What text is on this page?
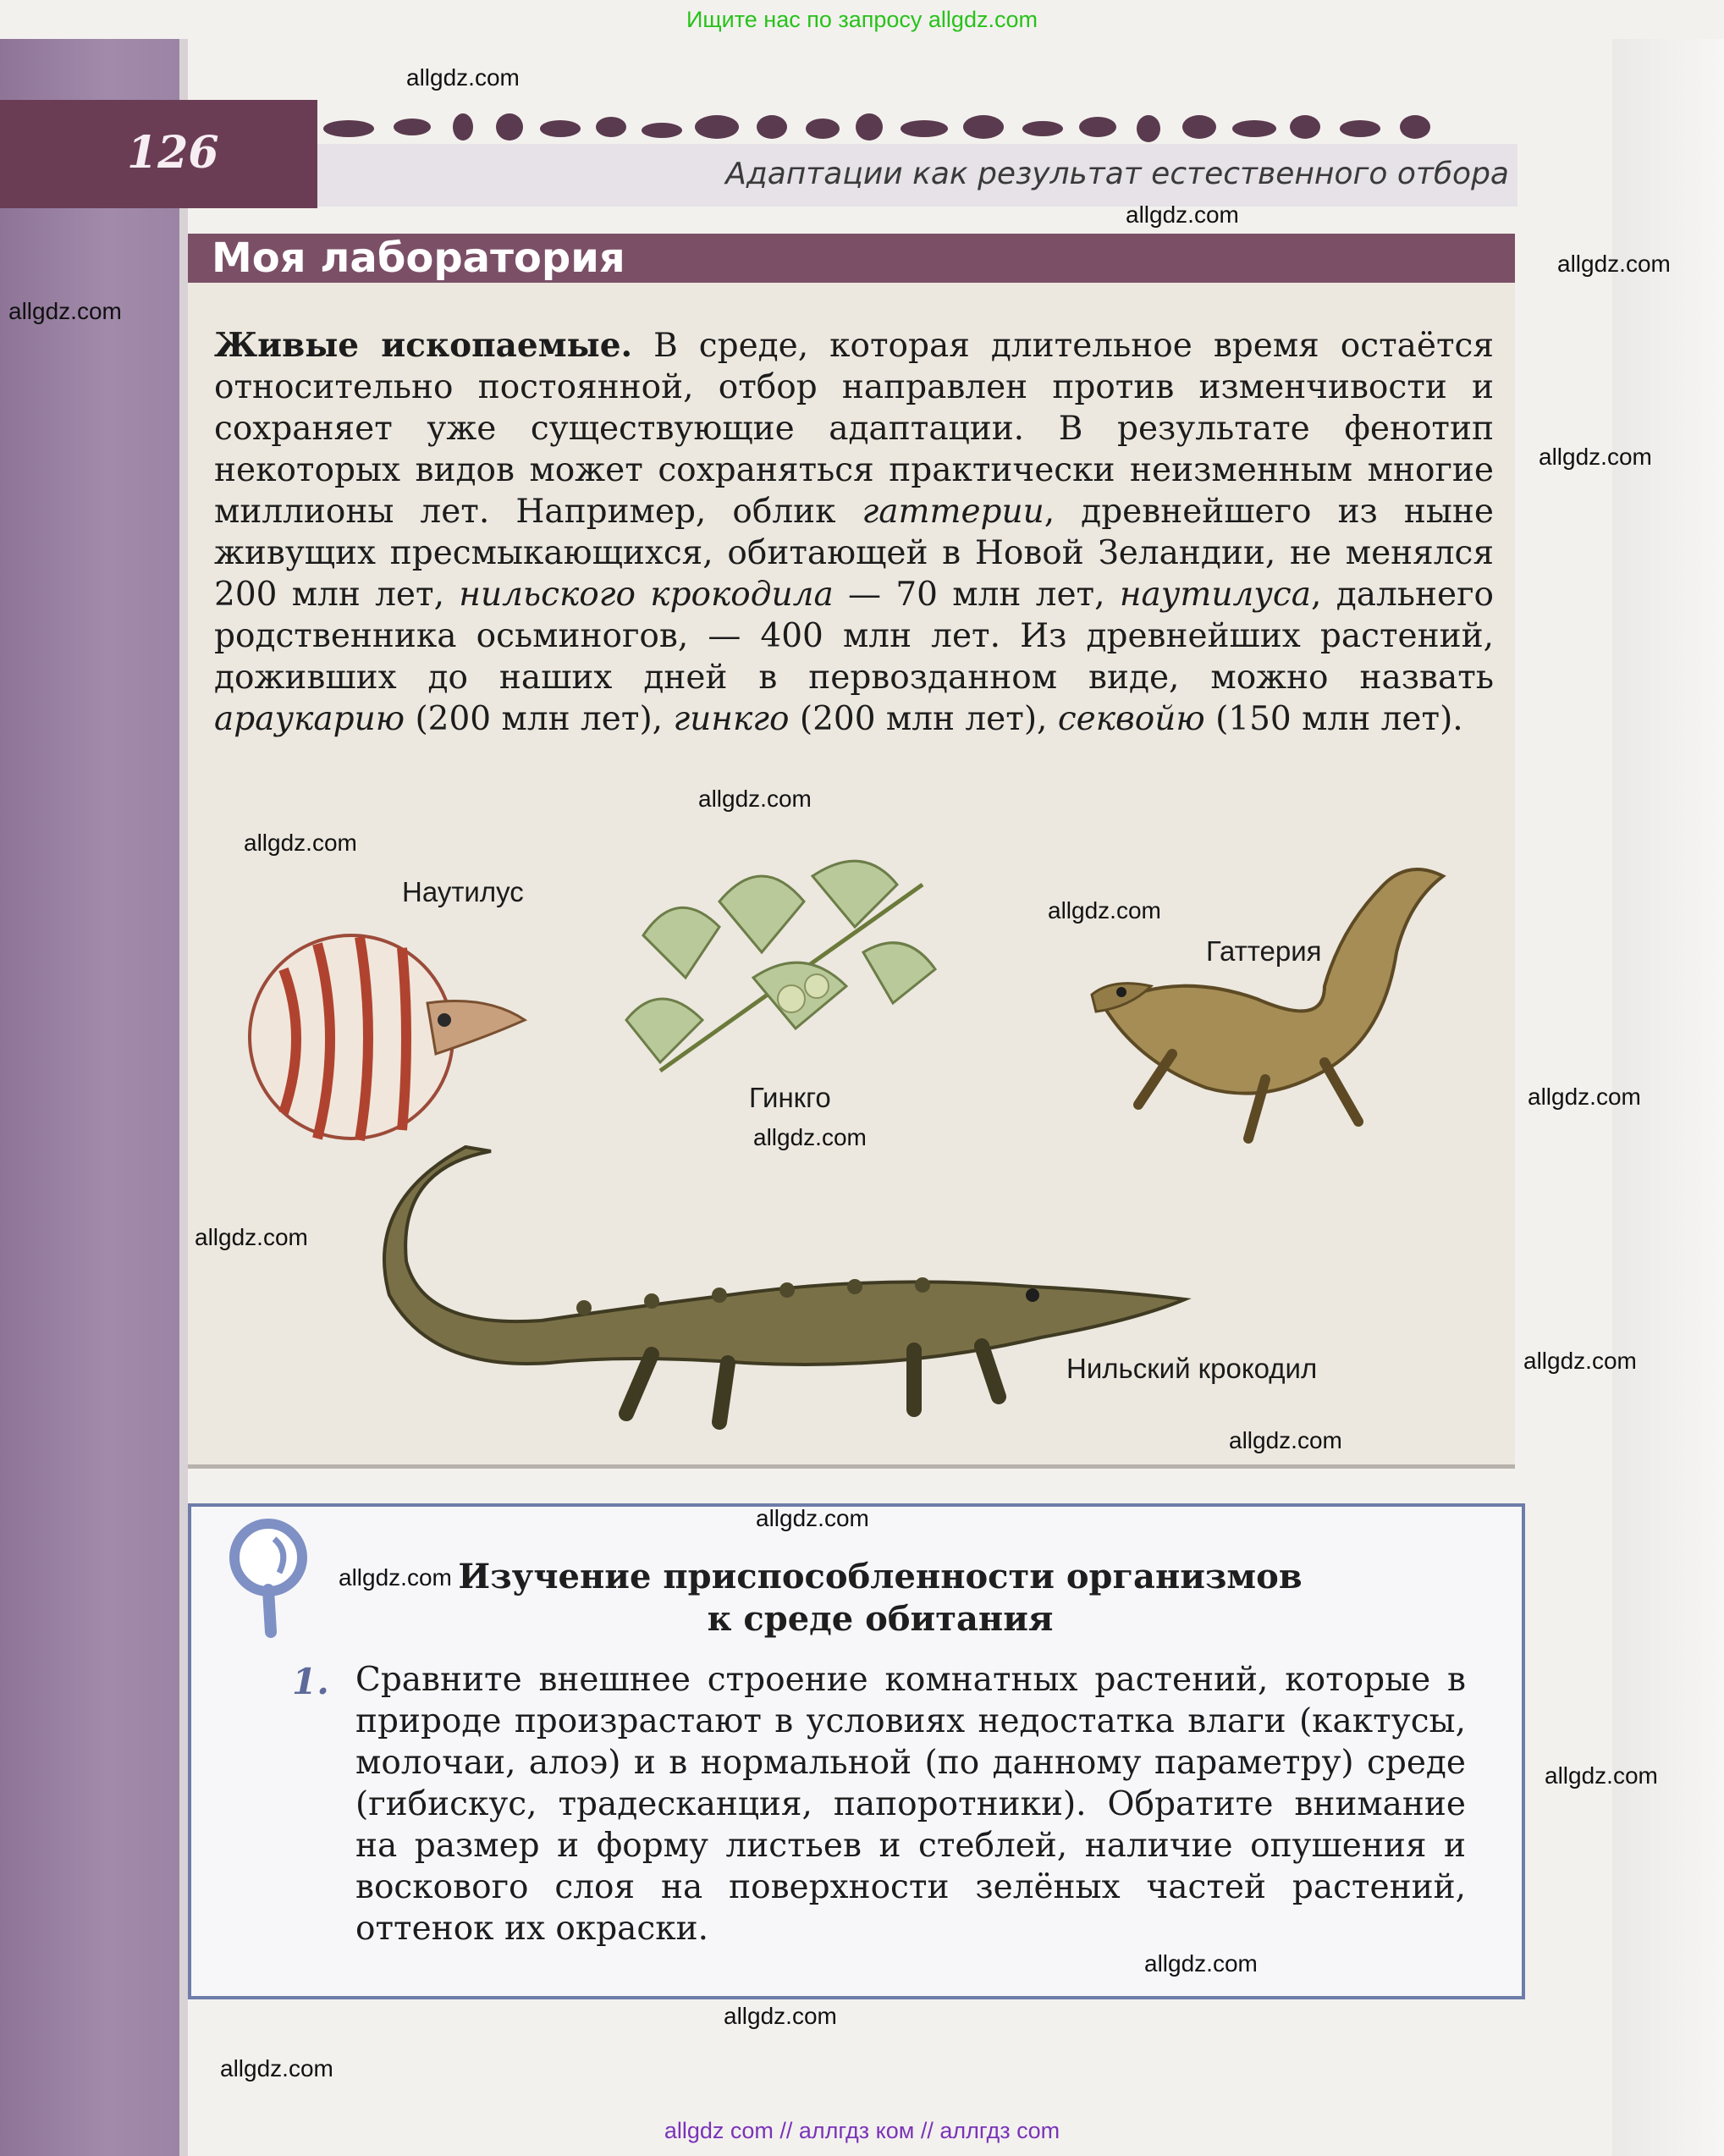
Ищите нас по запросу allgdz.com
126	Адаптации как результат естественного отбора
Моя лаборатория
Живые ископаемые. В среде, которая длительное время остаётся относительно постоянной, отбор направлен против изменчивости и сохраняет уже существующие адаптации. В результате фенотип некоторых видов может сохраняться практически неизменным многие миллионы лет. Например, облик гаттерии, древнейшего из ныне живущих пресмыкающихся, обитающей в Новой Зеландии, не менялся 200 млн лет, нильского крокодила — 70 млн лет, наутилуса, дальнего родственника осьминогов, — 400 млн лет. Из древнейших растений, доживших до наших дней в первозданном виде, можно назвать араукарию (200 млн лет), гинкго (200 млн лет), секвойю (150 млн лет).
Наутилус
Гинкго
Гаттерия
Нильский крокодил
Изучение приспособленности организмов
к среде обитания
1. Сравните внешнее строение комнатных растений, которые в природе произрастают в условиях недостатка влаги (кактусы, молочаи, алоэ) и в нормальной (по данному параметру) среде (гибискус, традесканция, папоротники). Обратите внимание на размер и форму листьев и стеблей, наличие опушения и воскового слоя на поверхности зелёных частей растений, оттенок их окраски.
allgdz.com
allgdz.com
allgdz.com
allgdz.com
allgdz.com
allgdz.com
allgdz.com
allgdz.com
allgdz.com
allgdz.com
allgdz.com
allgdz.com
allgdz.com
allgdz.com
allgdz.com
allgdz.com
allgdz.com
allgdz.com
allgdz.com
allgdz com // аллгдз ком // аллгдз com
